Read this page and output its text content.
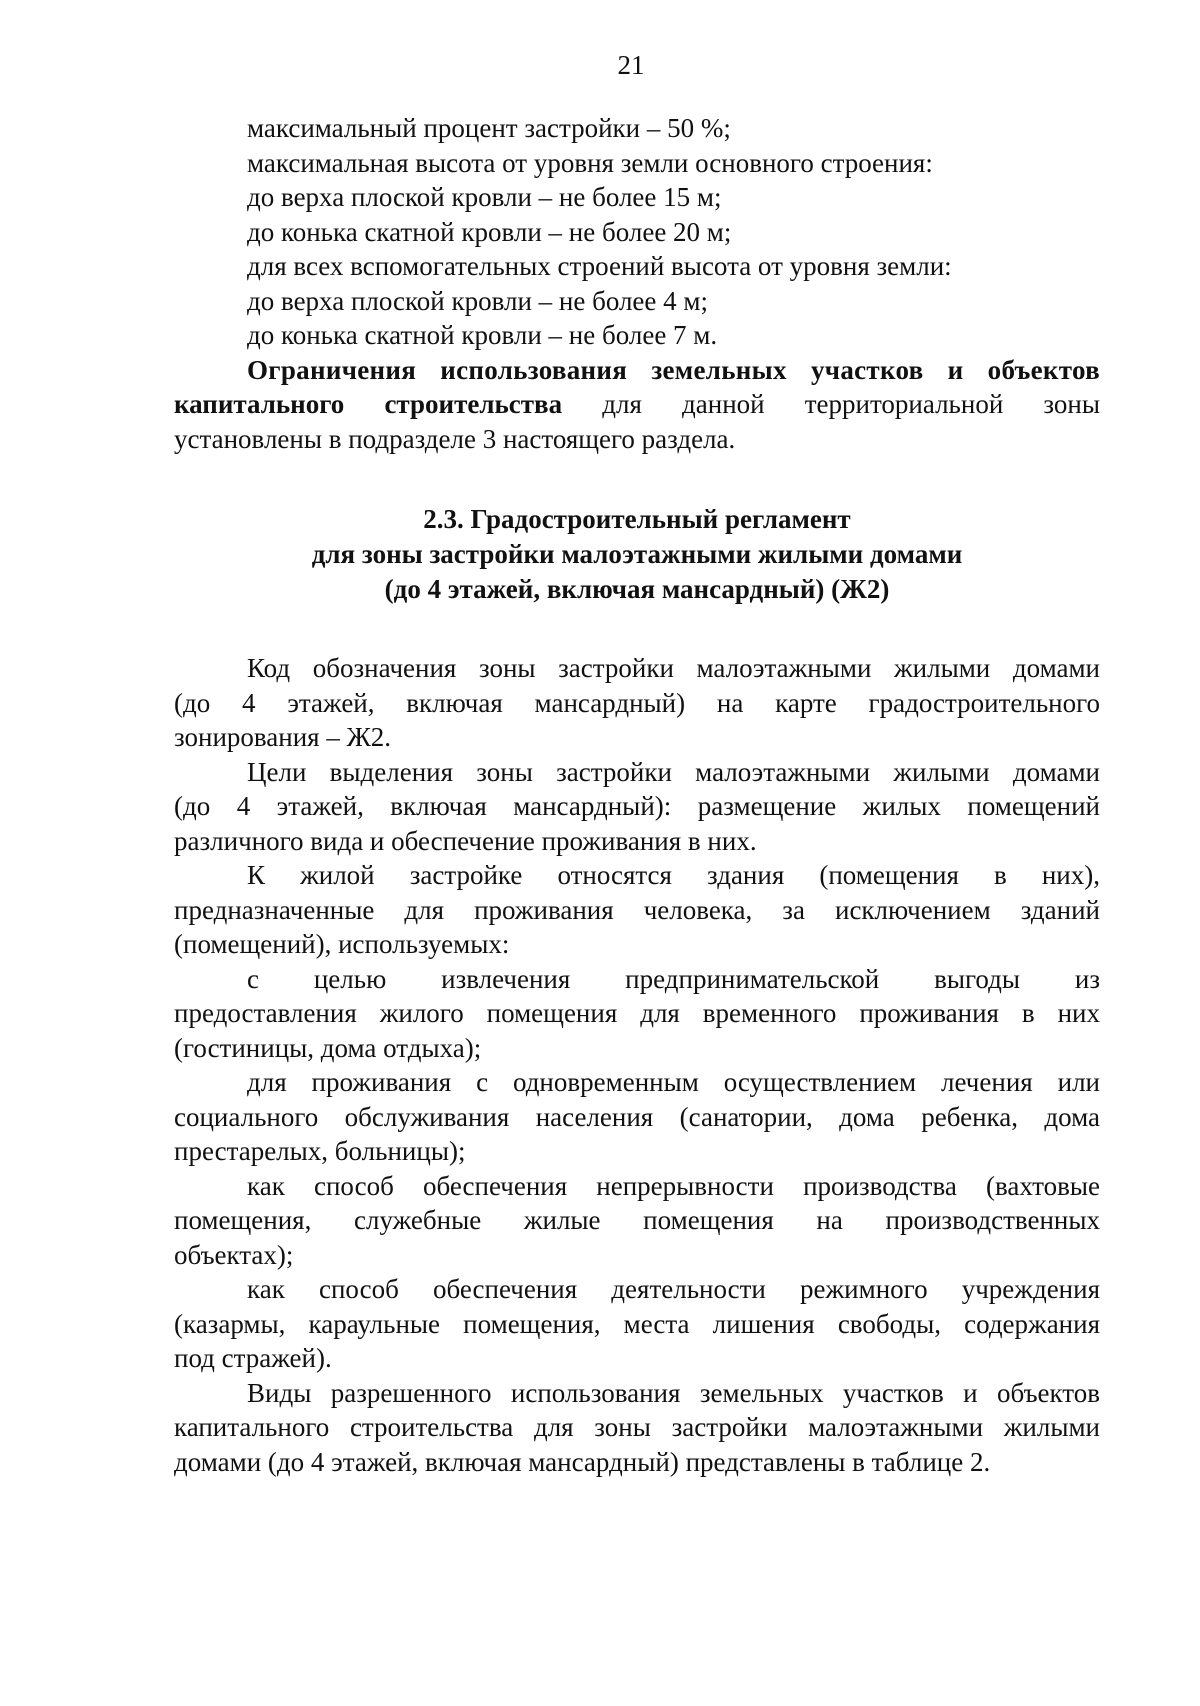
21
максимальный процент застройки – 50 %;
максимальная высота от уровня земли основного строения:
до верха плоской кровли – не более 15 м;
до конька скатной кровли – не более 20 м;
для всех вспомогательных строений высота от уровня земли:
до верха плоской кровли – не более 4 м;
до конька скатной кровли – не более 7 м.
Ограничения использования земельных участков и объектов
капитального строительства для данной территориальной зоны
установлены в подразделе 3 настоящего раздела.
2.3. Градостроительный регламент
для зоны застройки малоэтажными жилыми домами
(до 4 этажей, включая мансардный) (Ж2)
Код обозначения зоны застройки малоэтажными жилыми домами
(до 4 этажей, включая мансардный) на карте градостроительного
зонирования – Ж2.
Цели выделения зоны застройки малоэтажными жилыми домами
(до 4 этажей, включая мансардный): размещение жилых помещений
различного вида и обеспечение проживания в них.
К жилой застройке относятся здания (помещения в них),
предназначенные для проживания человека, за исключением зданий
(помещений), используемых:
с целью извлечения предпринимательской выгоды из
предоставления жилого помещения для временного проживания в них
(гостиницы, дома отдыха);
для проживания с одновременным осуществлением лечения или
социального обслуживания населения (санатории, дома ребенка, дома
престарелых, больницы);
как способ обеспечения непрерывности производства (вахтовые
помещения, служебные жилые помещения на производственных
объектах);
как способ обеспечения деятельности режимного учреждения
(казармы, караульные помещения, места лишения свободы, содержания
под стражей).
Виды разрешенного использования земельных участков и объектов
капитального строительства для зоны застройки малоэтажными жилыми
домами (до 4 этажей, включая мансардный) представлены в таблице 2.
